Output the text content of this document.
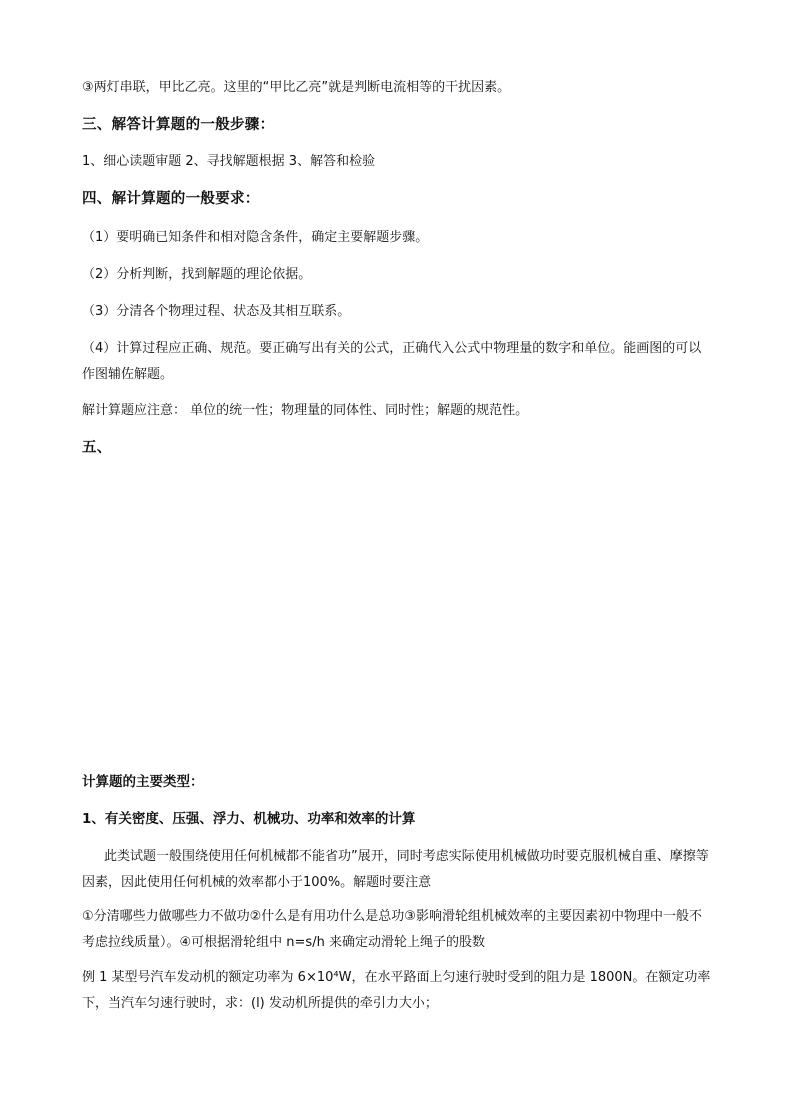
③两灯串联，甲比乙亮。这里的“甲比乙亮”就是判断电流相等的干扰因素。
三、解答计算题的一般步骤：
1、细心读题审题 2、寻找解题根据 3、解答和检验
四、解计算题的一般要求：
（1）要明确已知条件和相对隐含条件，确定主要解题步骤。
（2）分析判断，找到解题的理论依据。
（3）分清各个物理过程、状态及其相互联系。
（4）计算过程应正确、规范。要正确写出有关的公式，正确代入公式中物理量的数字和单位。能画图的可以作图辅佐解题。
解计算题应注意： 单位的统一性；物理量的同体性、同时性；解题的规范性。
五、
计算题的主要类型：
1、有关密度、压强、浮力、机械功、功率和效率的计算
此类试题一般围绕使用任何机械都不能省功”展开，同时考虑实际使用机械做功时要克服机械自重、摩擦等因素，因此使用任何机械的效率都小于100%。解题时要注意
①分清哪些力做哪些力不做功②什么是有用功什么是总功③影响滑轮组机械效率的主要因素初中物理中一般不考虑拉线质量）。④可根据滑轮组中 n=s/h 来确定动滑轮上绳子的股数
例 1 某型号汽车发动机的额定功率为 6×10⁴W，在水平路面上匀速行驶时受到的阻力是 1800N。在额定功率下，当汽车匀速行驶时，求：(l) 发动机所提供的牵引力大小；
